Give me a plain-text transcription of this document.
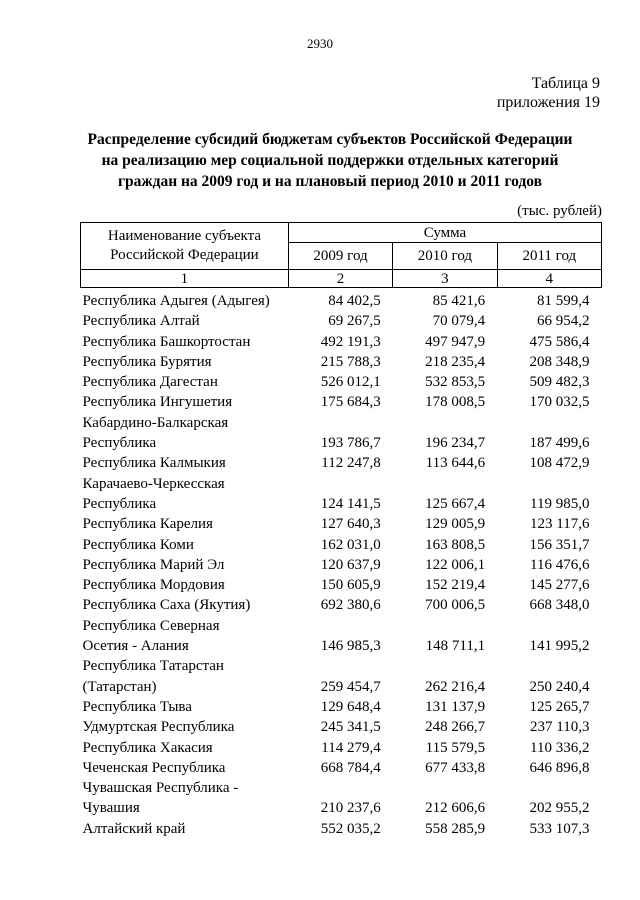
2930
Таблица 9
приложения 19
Распределение субсидий бюджетам субъектов Российской Федерации
на реализацию мер социальной поддержки отдельных категорий
граждан на 2009 год и на плановый период 2010 и 2011 годов
(тыс. рублей)
Наименование субъекта
Российской Федерации	Сумма		
	2009 год	2010 год	2011 год
1	2	3	4

Республика Адыгея (Адыгея)	84 402,5	85 421,6	81 599,4

Республика Алтай	69 267,5	70 079,4	66 954,2

Республика Башкортостан	492 191,3	497 947,9	475 586,4

Республика Бурятия	215 788,3	218 235,4	208 348,9

Республика Дагестан	526 012,1	532 853,5	509 482,3

Республика Ингушетия	175 684,3	178 008,5	170 032,5

Кабардино-Балкарская
Республика	193 786,7	196 234,7	187 499,6

Республика Калмыкия	112 247,8	113 644,6	108 472,9

Карачаево-Черкесская
Республика	124 141,5	125 667,4	119 985,0

Республика Карелия	127 640,3	129 005,9	123 117,6

Республика Коми	162 031,0	163 808,5	156 351,7

Республика Марий Эл	120 637,9	122 006,1	116 476,6

Республика Мордовия	150 605,9	152 219,4	145 277,6

Республика Саха (Якутия)	692 380,6	700 006,5	668 348,0

Республика Северная
Осетия - Алания	146 985,3	148 711,1	141 995,2

Республика Татарстан
(Татарстан)	259 454,7	262 216,4	250 240,4

Республика Тыва	129 648,4	131 137,9	125 265,7

Удмуртская Республика	245 341,5	248 266,7	237 110,3

Республика Хакасия	114 279,4	115 579,5	110 336,2

Чеченская Республика	668 784,4	677 433,8	646 896,8

Чувашская Республика -
Чувашия	210 237,6	212 606,6	202 955,2

Алтайский край	552 035,2	558 285,9	533 107,3
